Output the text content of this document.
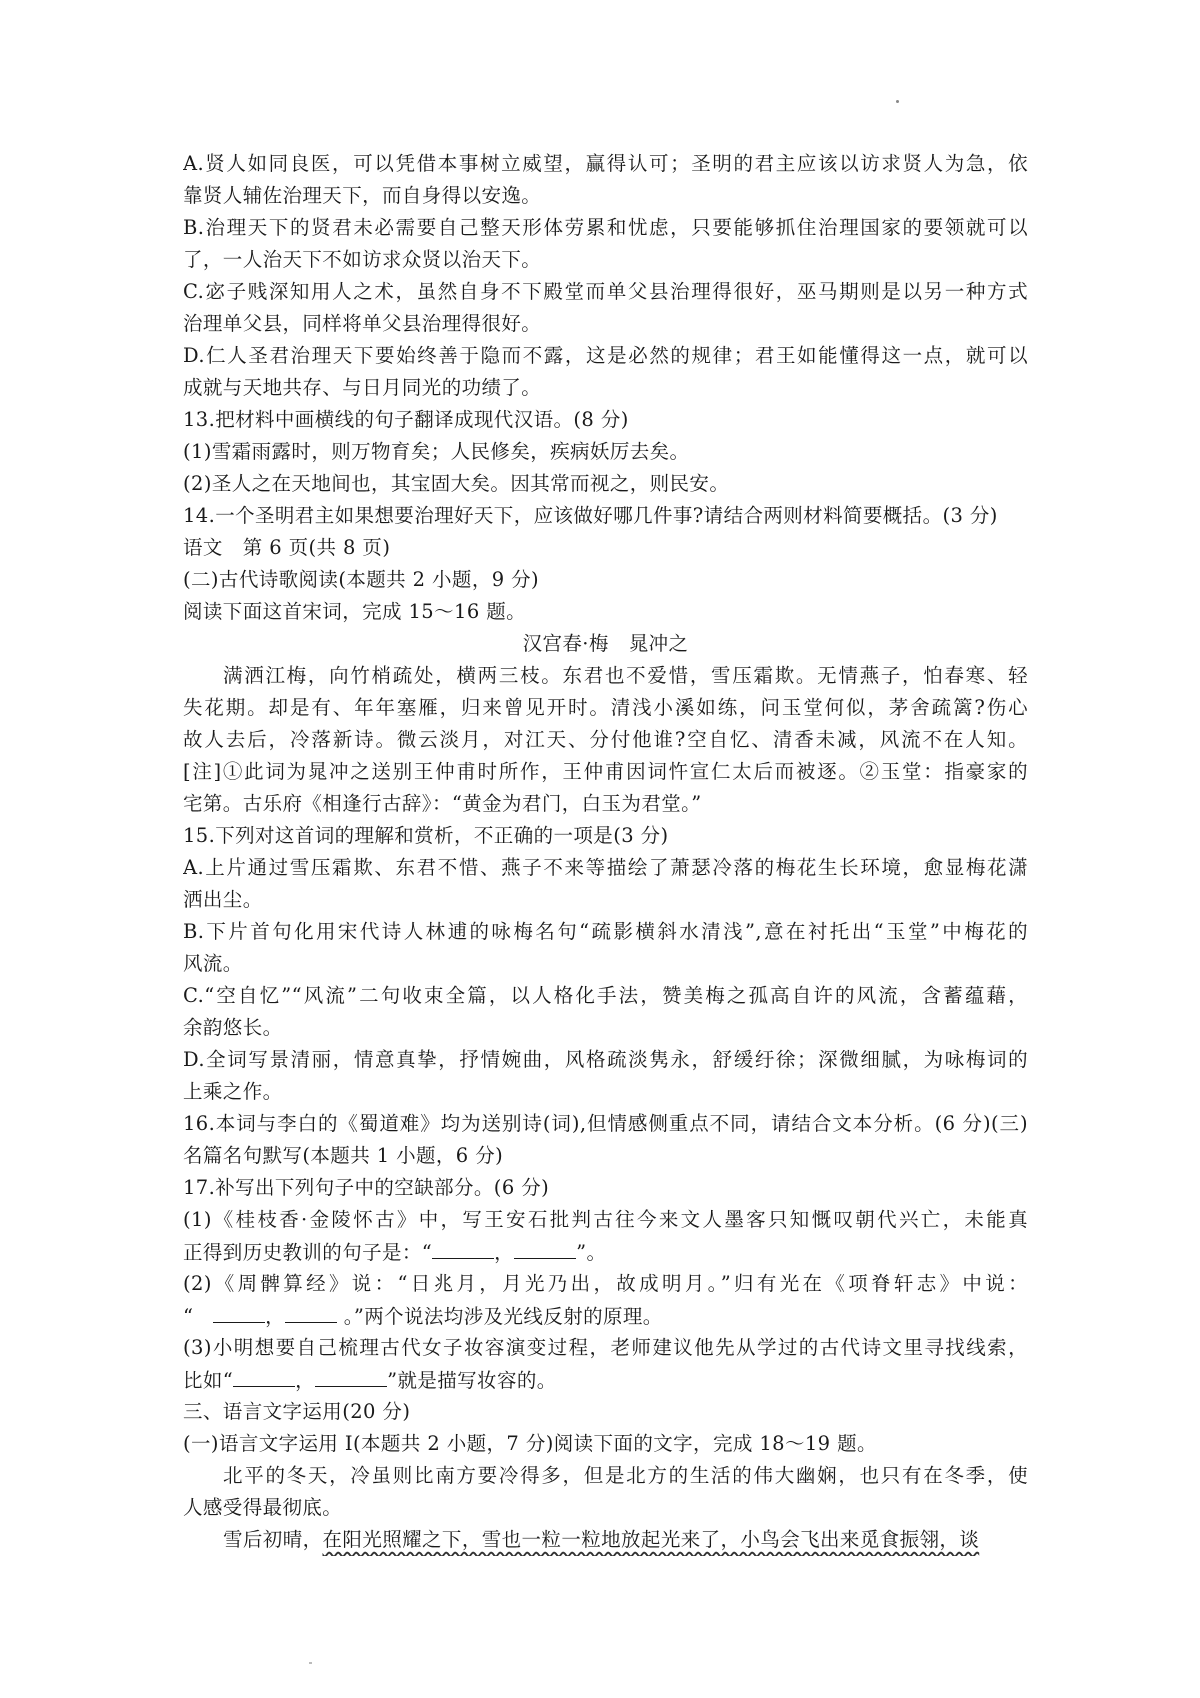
A.贤人如同良医，可以凭借本事树立威望，赢得认可；圣明的君主应该以访求贤人为急，依
靠贤人辅佐治理天下，而自身得以安逸。
B.治理天下的贤君未必需要自己整天形体劳累和忧虑，只要能够抓住治理国家的要领就可以
了，一人治天下不如访求众贤以治天下。
C.宓子贱深知用人之术，虽然自身不下殿堂而单父县治理得很好，巫马期则是以另一种方式
治理单父县，同样将单父县治理得很好。
D.仁人圣君治理天下要始终善于隐而不露，这是必然的规律；君王如能懂得这一点，就可以
成就与天地共存、与日月同光的功绩了。
13.把材料中画横线的句子翻译成现代汉语。(8 分)
(1)雪霜雨露时，则万物育矣；人民修矣，疾病妖厉去矣。
(2)圣人之在天地间也，其宝固大矣。因其常而视之，则民安。
14.一个圣明君主如果想要治理好天下，应该做好哪几件事?请结合两则材料简要概括。(3 分)
语文　第 6 页(共 8 页)
(二)古代诗歌阅读(本题共 2 小题，9 分)
阅读下面这首宋词，完成 15～16 题。
汉宫春·梅　晁冲之
满洒江梅，向竹梢疏处，横两三枝。东君也不爱惜，雪压霜欺。无情燕子，怕春寒、轻
失花期。却是有、年年塞雁，归来曾见开时。清浅小溪如练，问玉堂何似，茅舍疏篱?伤心
故人去后，冷落新诗。微云淡月，对江天、分付他谁?空自忆、清香未减，风流不在人知。
[注]①此词为晁冲之送别王仲甫时所作，王仲甫因词忤宣仁太后而被逐。②玉堂：指豪家的
宅第。古乐府《相逢行古辞》：“黄金为君门，白玉为君堂。”
15.下列对这首词的理解和赏析，不正确的一项是(3 分)
A.上片通过雪压霜欺、东君不惜、燕子不来等描绘了萧瑟冷落的梅花生长环境，愈显梅花潇
洒出尘。
B.下片首句化用宋代诗人林逋的咏梅名句“疏影横斜水清浅”,意在衬托出“玉堂”中梅花的
风流。
C.“空自忆”“风流”二句收束全篇，以人格化手法，赞美梅之孤高自许的风流，含蓄蕴藉，
余韵悠长。
D.全词写景清丽，情意真挚，抒情婉曲，风格疏淡隽永，舒缓纡徐；深微细腻，为咏梅词的
上乘之作。
16.本词与李白的《蜀道难》均为送别诗(词),但情感侧重点不同，请结合文本分析。(6 分)(三)
名篇名句默写(本题共 1 小题，6 分)
17.补写出下列句子中的空缺部分。(6 分)
(1)《桂枝香·金陵怀古》中，写王安石批判古往今来文人墨客只知慨叹朝代兴亡，未能真
正得到历史教训的句子是：“	，	”。
(2)《周髀算经》说：“日兆月，月光乃出，故成明月。”归有光在《项脊轩志》中说：
“	，	。”两个说法均涉及光线反射的原理。
(3)小明想要自己梳理古代女子妆容演变过程，老师建议他先从学过的古代诗文里寻找线索，
比如“	，	”就是描写妆容的。
三、语言文字运用(20 分)
(一)语言文字运用 I(本题共 2 小题，7 分)阅读下面的文字，完成 18～19 题。
北平的冬天，冷虽则比南方要冷得多，但是北方的生活的伟大幽娴，也只有在冬季，使
人感受得最彻底。
雪后初晴，在阳光照耀之下，雪也一粒一粒地放起光来了，小鸟会飞出来觅食振翎，谈
